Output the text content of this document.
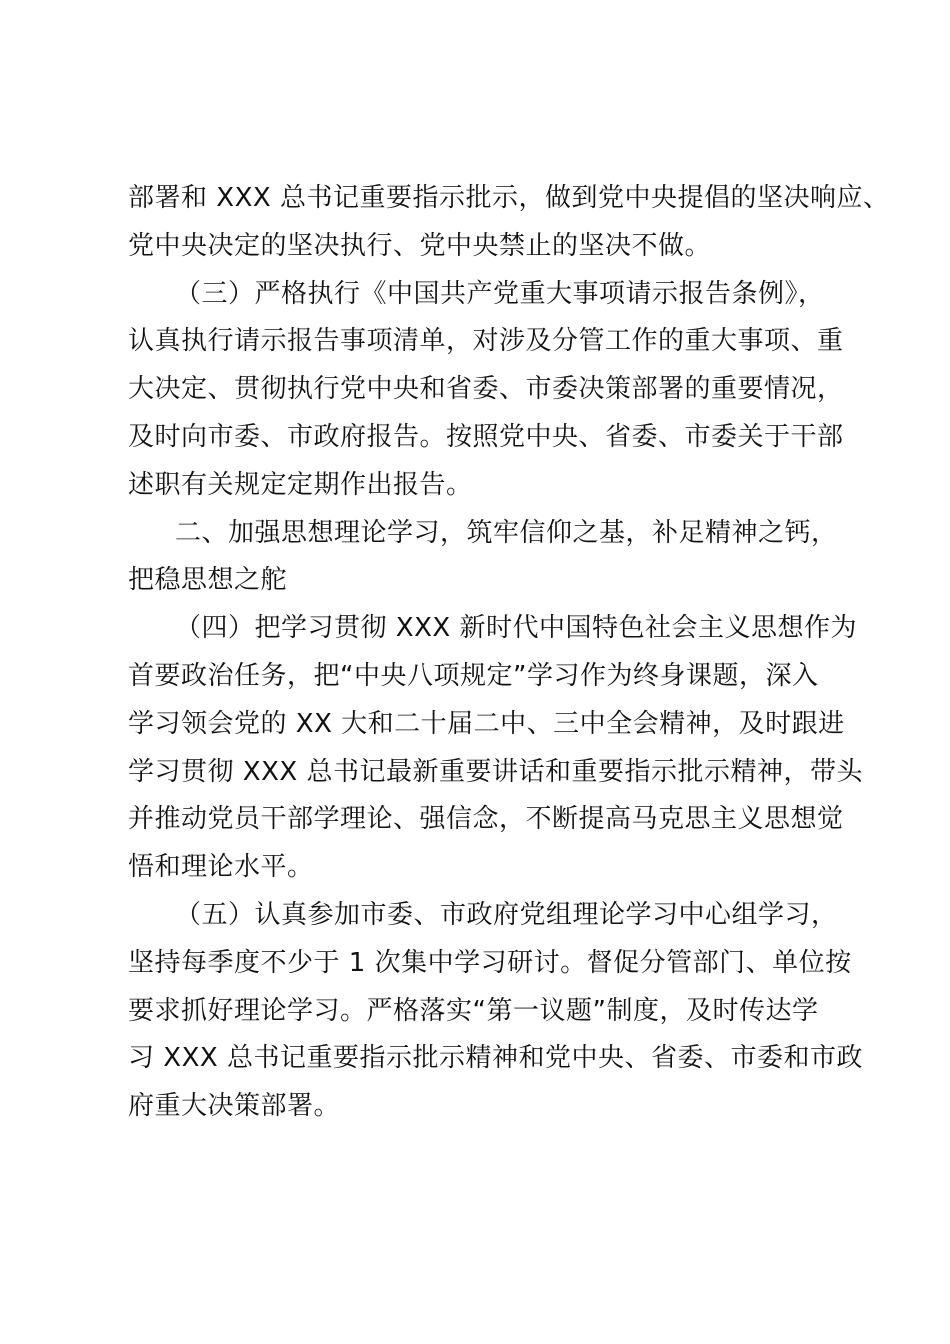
部署和 XXX 总书记重要指示批示，做到党中央提倡的坚决响应、
党中央决定的坚决执行、党中央禁止的坚决不做。
（三）严格执行《中国共产党重大事项请示报告条例》，
认真执行请示报告事项清单，对涉及分管工作的重大事项、重
大决定、贯彻执行党中央和省委、市委决策部署的重要情况，
及时向市委、市政府报告。按照党中央、省委、市委关于干部
述职有关规定定期作出报告。
二、加强思想理论学习，筑牢信仰之基，补足精神之钙，
把稳思想之舵
（四）把学习贯彻 XXX 新时代中国特色社会主义思想作为
首要政治任务，把“中央八项规定”学习作为终身课题，深入
学习领会党的 XX 大和二十届二中、三中全会精神，及时跟进
学习贯彻 XXX 总书记最新重要讲话和重要指示批示精神，带头
并推动党员干部学理论、强信念，不断提高马克思主义思想觉
悟和理论水平。
（五）认真参加市委、市政府党组理论学习中心组学习，
坚持每季度不少于 1 次集中学习研讨。督促分管部门、单位按
要求抓好理论学习。严格落实“第一议题”制度，及时传达学
习 XXX 总书记重要指示批示精神和党中央、省委、市委和市政
府重大决策部署。
